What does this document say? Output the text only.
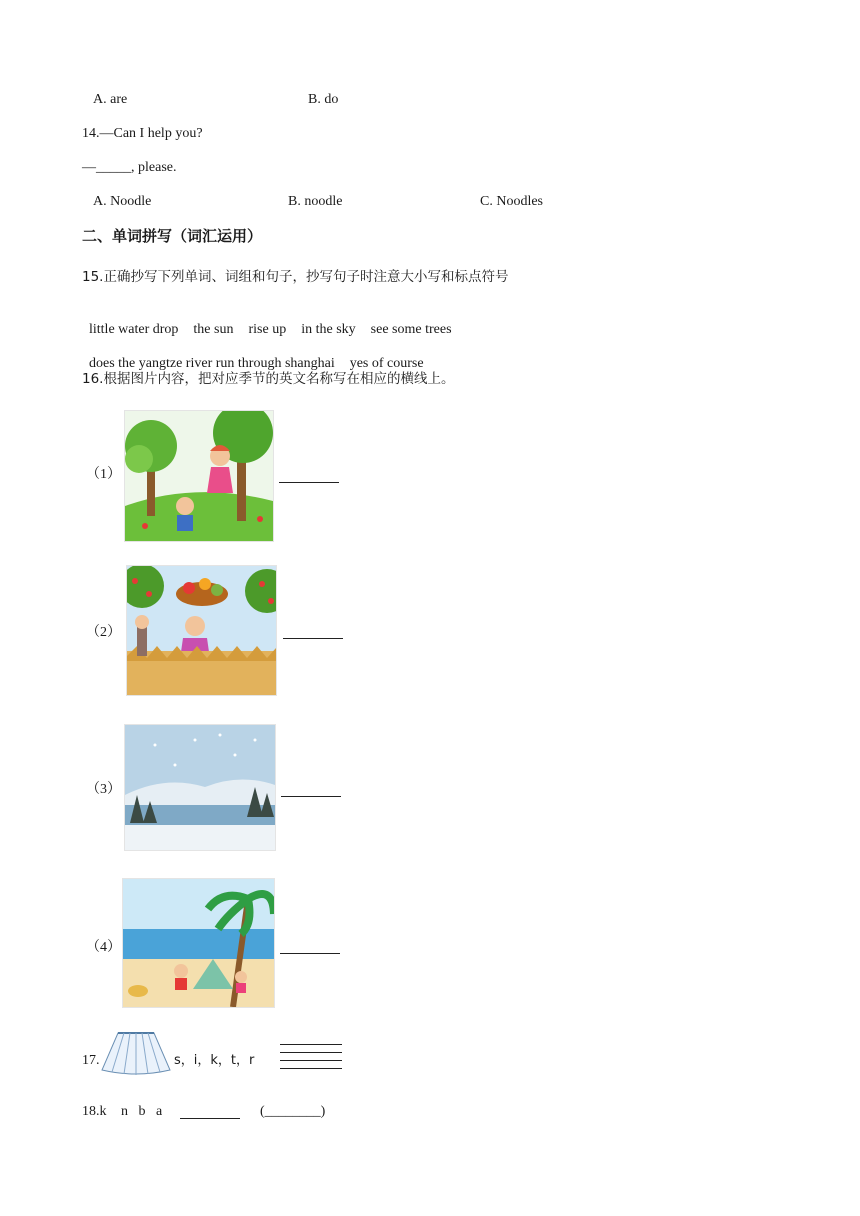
A. are	B. do
14.—Can I help you?
—_____, please.
A. Noodle	B. noodle	C. Noodles
二、单词拼写（词汇运用）
15.正确抄写下列单词、词组和句子，抄写句子时注意大小写和标点符号

little water drop the sun rise up in the sky see some trees

does the yangtze river run through shanghai yes of course

16.根据图片内容，把对应季节的英文名称写在相应的横线上。
（1）
（2）
（3）
（4）
17.	s，i，k，t，r
18.k n   b   a	(________)
